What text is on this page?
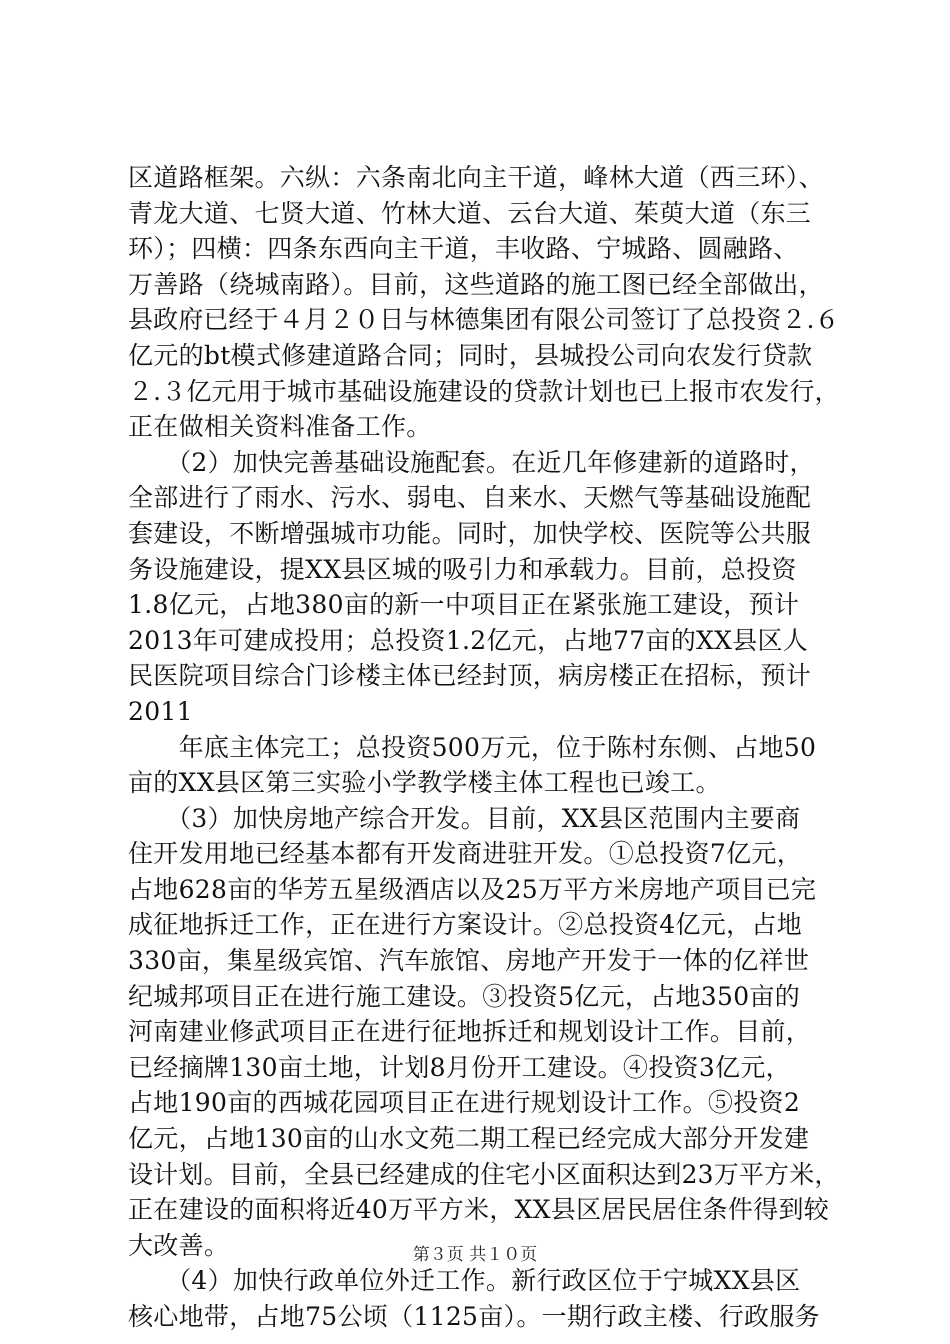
区道路框架。六纵：六条南北向主干道，峰林大道（西三环）、
青龙大道、七贤大道、竹林大道、云台大道、茱萸大道（东三
环）；四横：四条东西向主干道，丰收路、宁城路、圆融路、
万善路（绕城南路）。目前，这些道路的施工图已经全部做出，
县政府已经于４月２０日与林德集团有限公司签订了总投资２.６
亿元的bt模式修建道路合同；同时，县城投公司向农发行贷款
２.３亿元用于城市基础设施建设的贷款计划也已上报市农发行，
正在做相关资料准备工作。
　　（2）加快完善基础设施配套。在近几年修建新的道路时，
全部进行了雨水、污水、弱电、自来水、天燃气等基础设施配
套建设，不断增强城市功能。同时，加快学校、医院等公共服
务设施建设，提XX县区城的吸引力和承载力。目前，总投资
1.8亿元，占地380亩的新一中项目正在紧张施工建设，预计
2013年可建成投用；总投资1.2亿元，占地77亩的XX县区人
民医院项目综合门诊楼主体已经封顶，病房楼正在招标，预计
2011
　　年底主体完工；总投资500万元，位于陈村东侧、占地50
亩的XX县区第三实验小学教学楼主体工程也已竣工。
　　（3）加快房地产综合开发。目前，XX县区范围内主要商
住开发用地已经基本都有开发商进驻开发。①总投资7亿元，
占地628亩的华芳五星级酒店以及25万平方米房地产项目已完
成征地拆迁工作，正在进行方案设计。②总投资4亿元，占地
330亩，集星级宾馆、汽车旅馆、房地产开发于一体的亿祥世
纪城邦项目正在进行施工建设。③投资5亿元，占地350亩的
河南建业修武项目正在进行征地拆迁和规划设计工作。目前，
已经摘牌130亩土地，计划8月份开工建设。④投资3亿元，
占地190亩的西城花园项目正在进行规划设计工作。⑤投资2
亿元，占地130亩的山水文苑二期工程已经完成大部分开发建
设计划。目前，全县已经建成的住宅小区面积达到23万平方米，
正在建设的面积将近40万平方米，XX县区居民居住条件得到较
大改善。
　　（4）加快行政单位外迁工作。新行政区位于宁城XX县区
核心地带，占地75公顷（1125亩）。一期行政主楼、行政服务
第３页 共１０页
